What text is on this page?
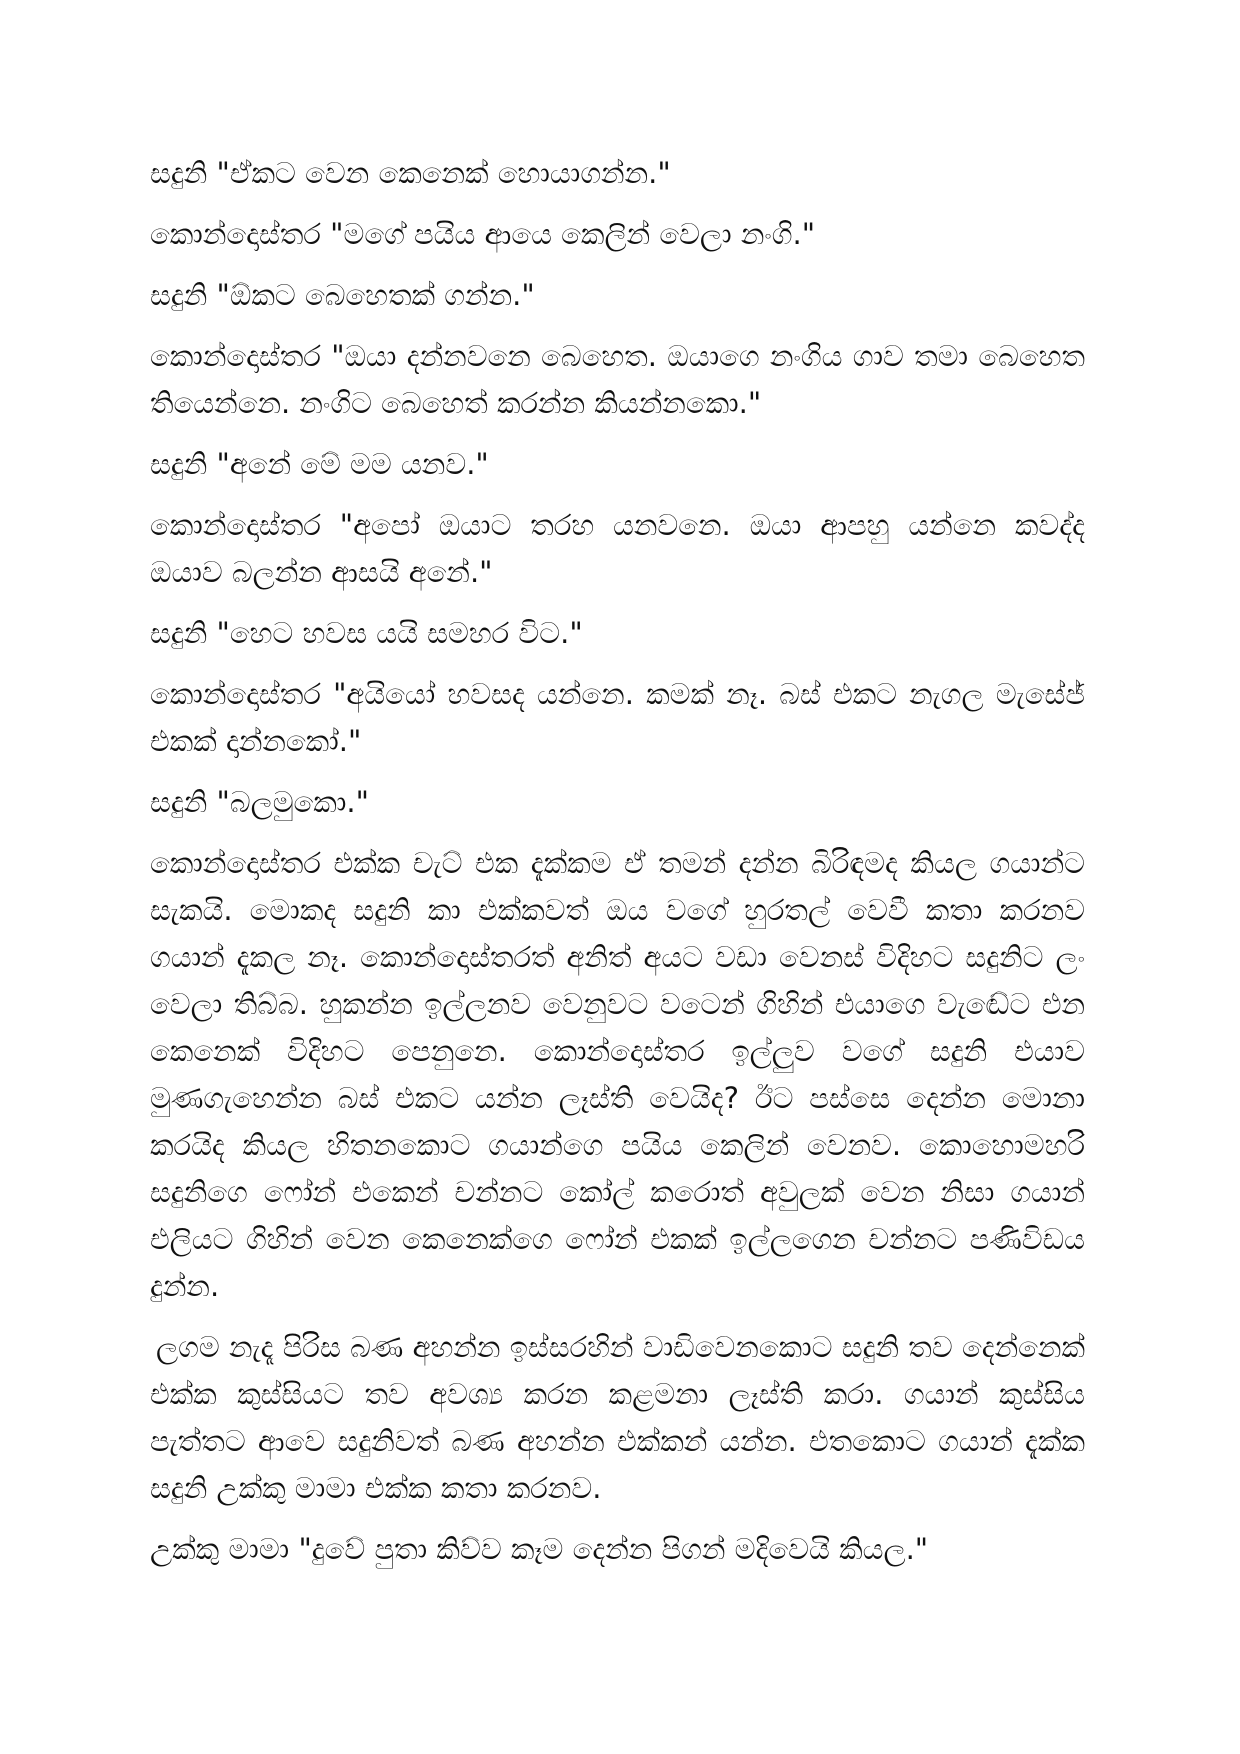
සදුනි "ඒකට වෙන කෙනෙක් හොයාගන්න."

කොන්දොස්තර "මගේ පයිය ආයෙ කෙලින් වෙලා නංගි."

සදුනි "ඕකට බෙහෙතක් ගන්න."

කොන්දොස්තර "ඔයා දන්නවනෙ බෙහෙත. ඔයාගෙ නංගිය ගාව තමා බෙහෙත තියෙන්නෙ. නංගිට බෙහෙත් කරන්න කියන්නකො."

සදුනි "අනේ මේ මම යනව."

කොන්දොස්තර "අපෝ ඔයාට තරහ යනවනෙ. ඔයා ආපහු යන්නෙ කවද්ද ඔයාව බලන්න ආසයි අනේ."

සදුනි "හෙට හවස යයි සමහර විට."

කොන්දොස්තර "අයියෝ හවසද යන්නෙ. කමක් නෑ. බස් එකට නැගල මැසේජ් එකක් දාන්නකෝ."

සදුනි "බලමුකො."

කොන්දොස්තර එක්ක චැට් එක දැක්කම ඒ තමන් දන්න බිරිඳමද කියල ගයාන්ට සැකයි. මොකද සදුනි කා එක්කවත් ඔය වගේ හුරතල් වෙවී කතා කරනව ගයාන් දැකල නෑ. කොන්දොස්තරත් අනිත් අයට වඩා වෙනස් විදිහට සදුනිට ලං වෙලා තිබ්බ. හුකන්න ඉල්ලනව වෙනුවට වටෙන් ගිහින් එයාගෙ වැඬේට එන කෙනෙක් විදිහට පෙනුනෙ. කොන්දොස්තර ඉල්ලුව වගේ සදුනි එයාව මුණගැහෙන්න බස් එකට යන්න ලෑස්ති වෙයිද? ඊට පස්සෙ දෙන්න මොනා කරයිද කියල හිතනකොට ගයාන්ගෙ පයිය කෙලින් වෙනව. කොහොමහරි සදුනිගෙ ෆෝන් එකෙන් චන්නට කෝල් කරොත් අවුලක් වෙන නිසා ගයාන් එලියට ගිහින් වෙන කෙනෙක්ගෙ ෆෝන් එකක් ඉල්ලගෙන චන්නට පණිවිඩය දුන්න.

ලගම නැදෑ පිරිස බණ අහන්න ඉස්සරහින් වාඩිවෙනකොට සදුනි තව දෙන්නෙක් එක්ක කුස්සියට තව අවශ්‍ය කරන කළමනා ලෑස්ති කරා. ගයාන් කුස්සිය පැත්තට ආවෙ සදුනිවත් බණ අහන්න එක්කන් යන්න. එතකොට ගයාන් දැක්ක සදුනි උක්කු මාමා එක්ක කතා කරනව.

උක්කු මාමා "දුවේ පුතා කිව්ව කෑම දෙන්න පිගන් මදිවෙයි කියල."
